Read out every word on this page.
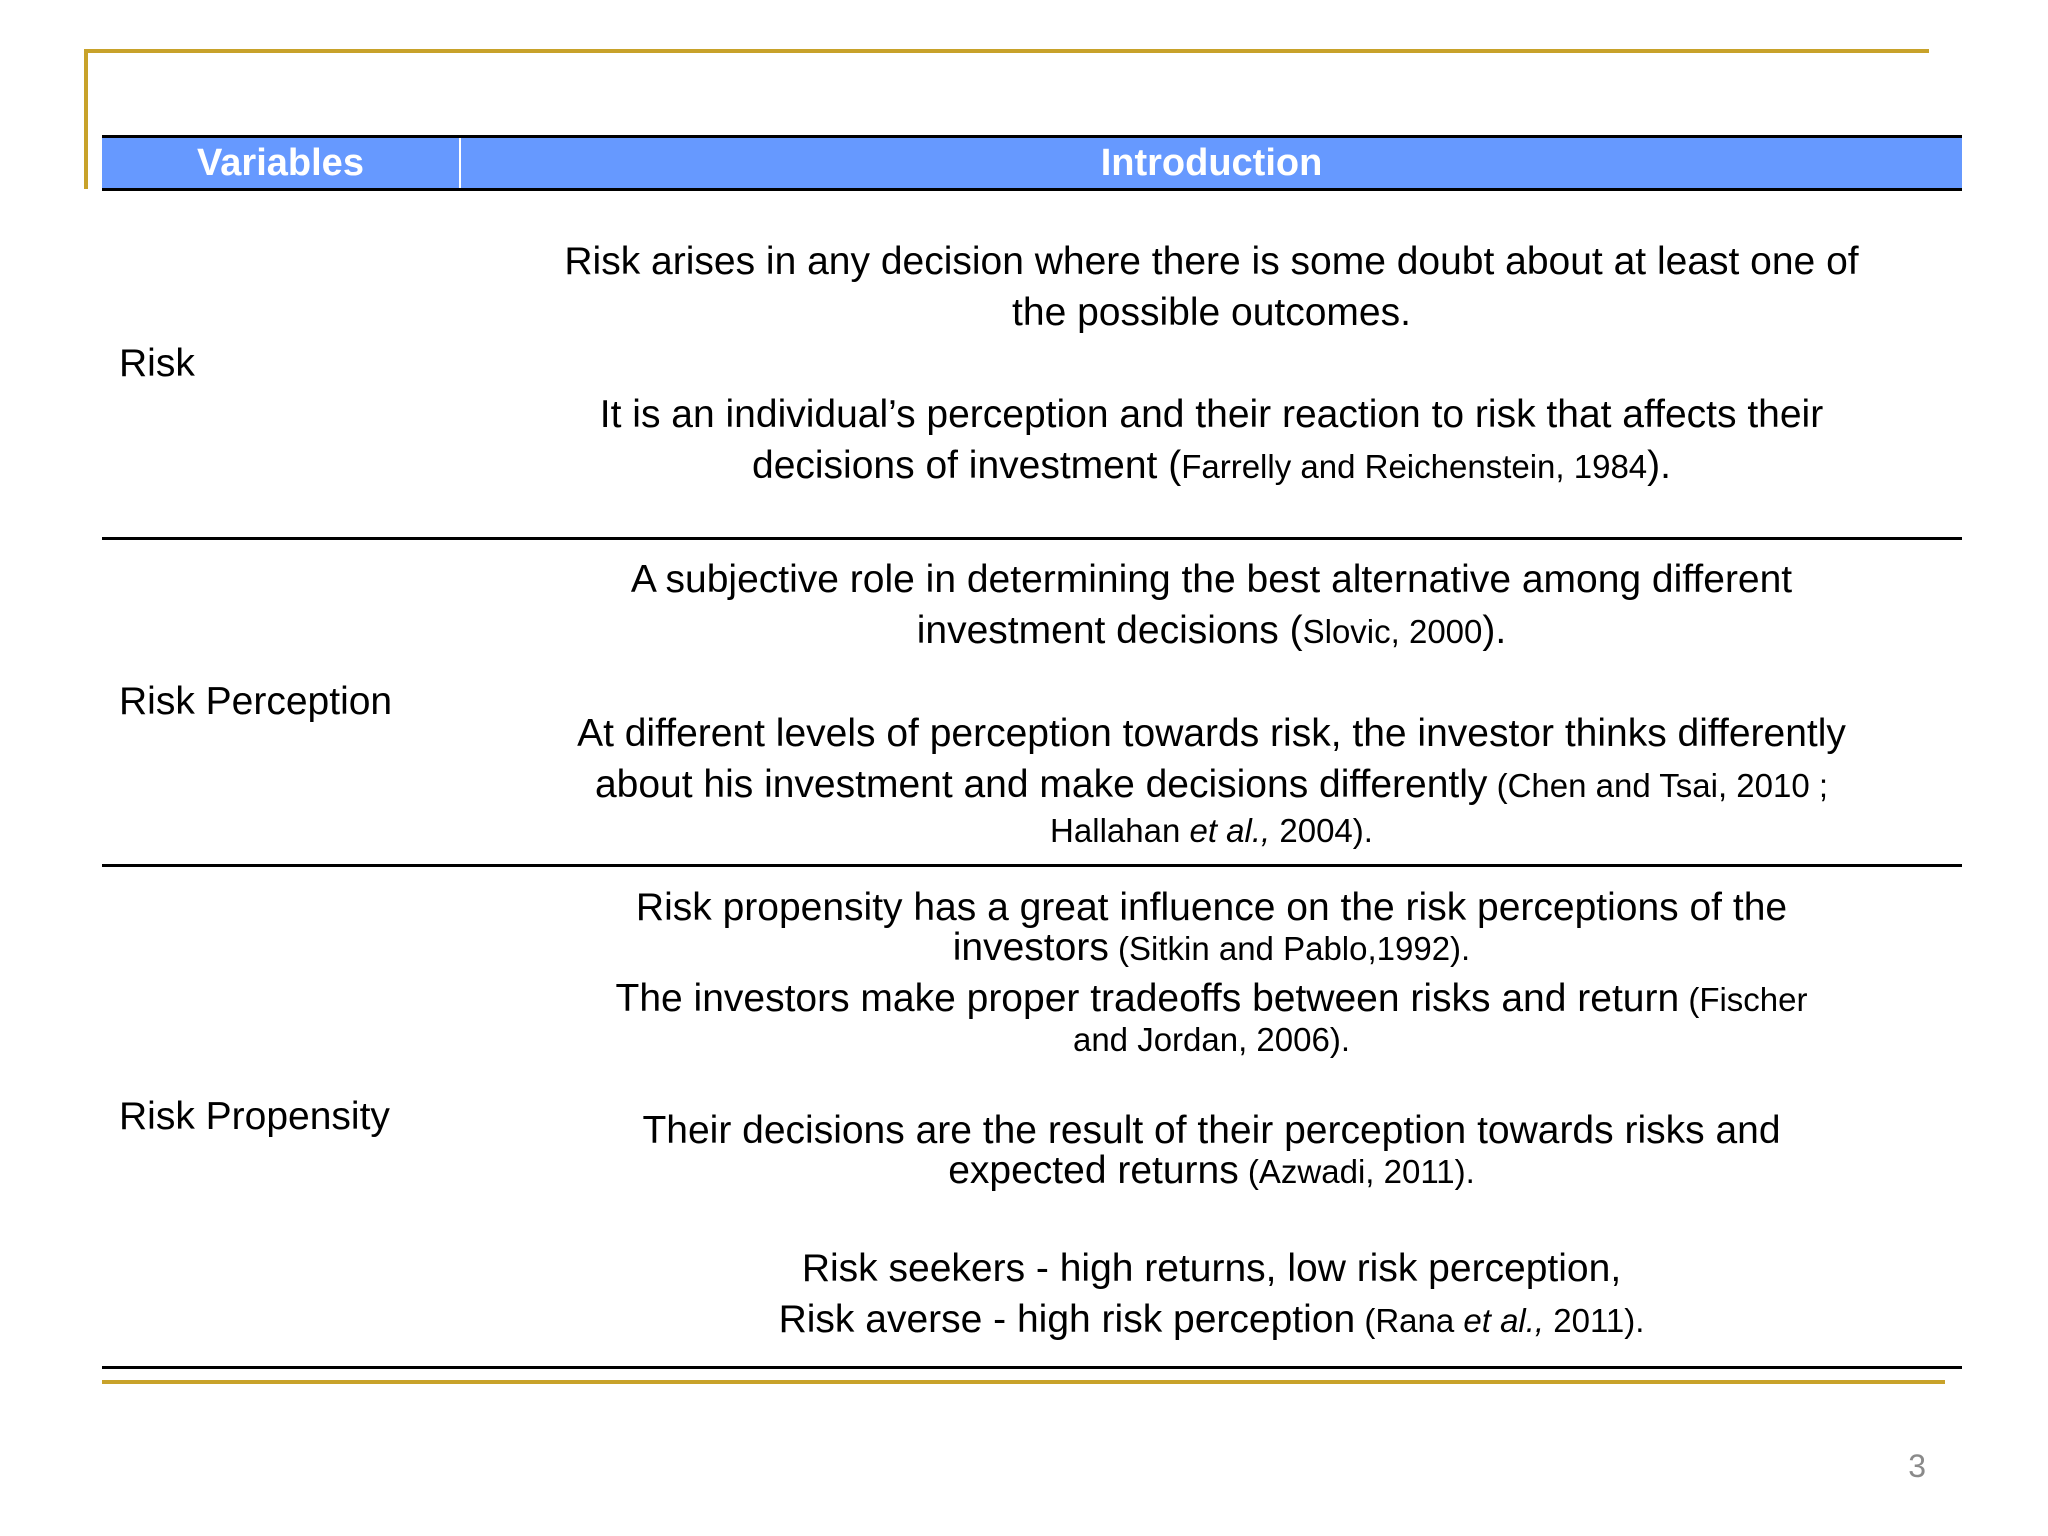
Variables	Introduction
Risk

Risk arises in any decision where there is some doubt about at least one of
the possible outcomes.

It is an individual’s perception and their reaction to risk that affects their
decisions of investment (Farrelly and Reichenstein, 1984).

Risk Perception

A subjective role in determining the best alternative among different
investment decisions (Slovic, 2000).

At different levels of perception towards risk, the investor thinks differently
about his investment and make decisions differently (Chen and Tsai, 2010 ;

Hallahan et al., 2004).

Risk Propensity

Risk propensity has a great influence on the risk perceptions of the
investors (Sitkin and Pablo,1992).

The investors make proper tradeoffs between risks and return (Fischer

and Jordan, 2006).

Their decisions are the result of their perception towards risks and
expected returns (Azwadi, 2011).

Risk seekers - high returns, low risk perception,
Risk averse - high risk perception (Rana et al., 2011).

3
